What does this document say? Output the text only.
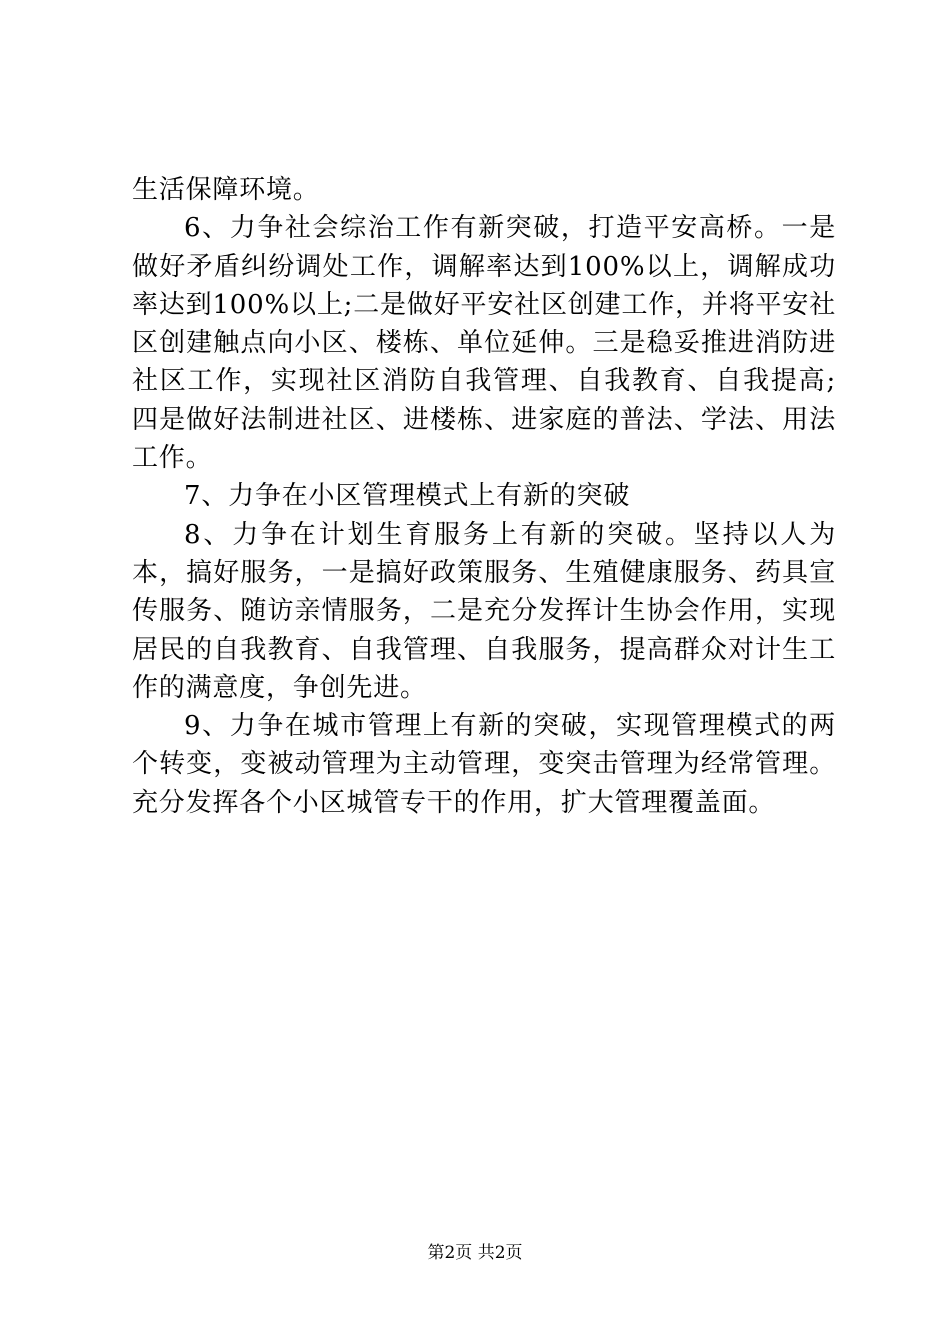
生活保障环境。

6、力争社会综治工作有新突破，打造平安高桥。一是做好矛盾纠纷调处工作，调解率达到100%以上，调解成功率达到100%以上;二是做好平安社区创建工作，并将平安社区创建触点向小区、楼栋、单位延伸。三是稳妥推进消防进社区工作，实现社区消防自我管理、自我教育、自我提高;四是做好法制进社区、进楼栋、进家庭的普法、学法、用法工作。

7、力争在小区管理模式上有新的突破

8、力争在计划生育服务上有新的突破。坚持以人为本，搞好服务，一是搞好政策服务、生殖健康服务、药具宣传服务、随访亲情服务，二是充分发挥计生协会作用，实现居民的自我教育、自我管理、自我服务，提高群众对计生工作的满意度，争创先进。

9、力争在城市管理上有新的突破，实现管理模式的两个转变，变被动管理为主动管理，变突击管理为经常管理。充分发挥各个小区城管专干的作用，扩大管理覆盖面。

第2页 共2页
